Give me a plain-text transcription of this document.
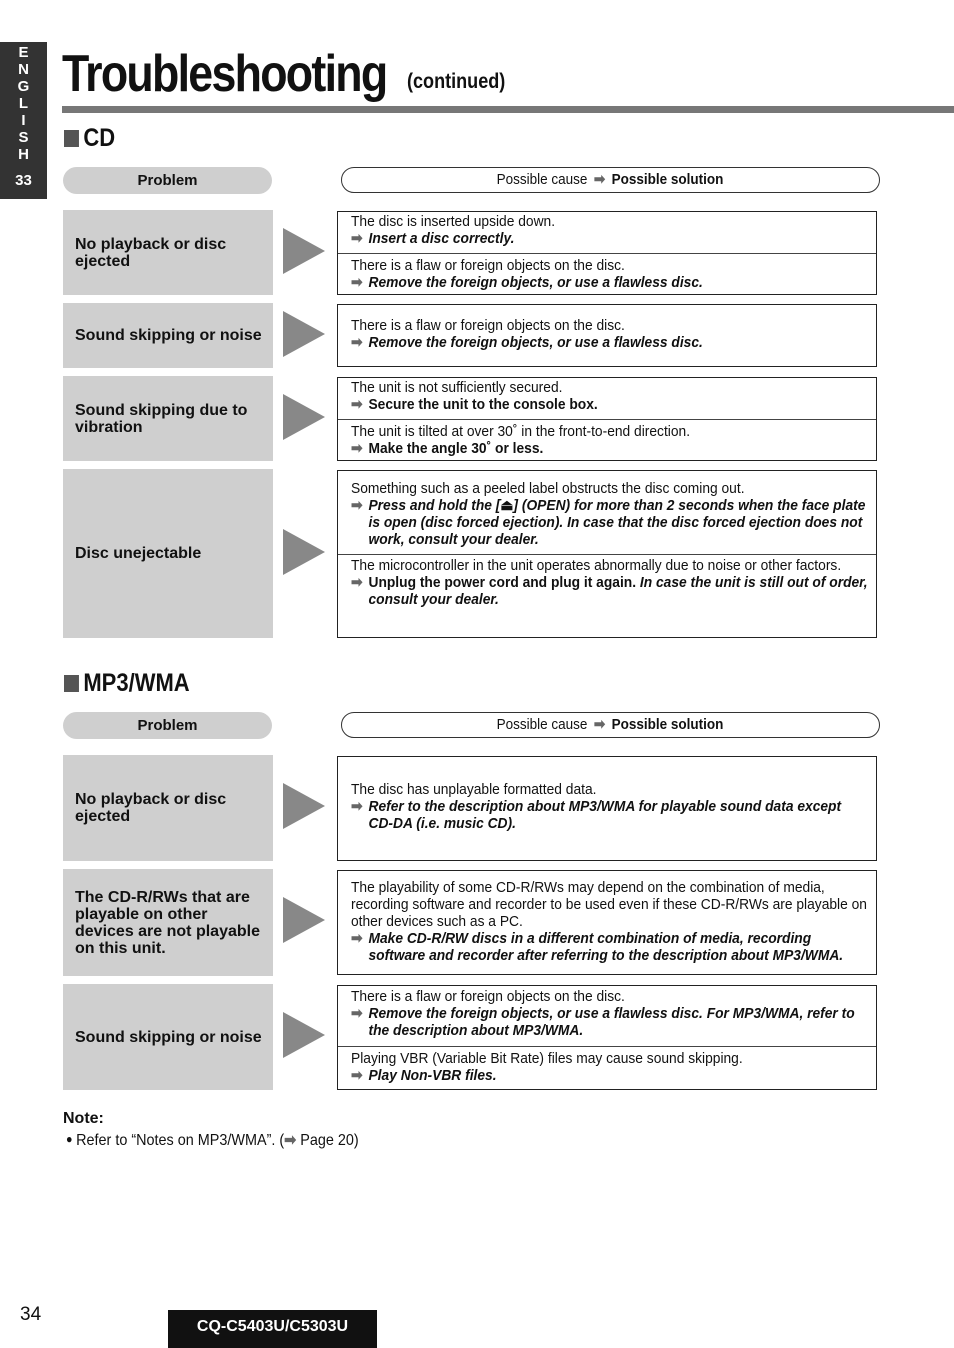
E
N
G
L
I
S
H
33
Troubleshooting (continued)
CD
Problem	Possible cause ➡ Possible solution
No playback or disc ejected
The disc is inserted upside down.
➡ Insert a disc correctly.
There is a flaw or foreign objects on the disc.
➡ Remove the foreign objects, or use a flawless disc.
Sound skipping or noise
There is a flaw or foreign objects on the disc.
➡ Remove the foreign objects, or use a flawless disc.
Sound skipping due to vibration
The unit is not sufficiently secured.
➡ Secure the unit to the console box.
The unit is tilted at over 30˚ in the front-to-end direction.
➡ Make the angle 30˚ or less.
Disc unejectable
Something such as a peeled label obstructs the disc coming out.
➡ Press and hold the [⏏] (OPEN) for more than 2 seconds when the face plate is open (disc forced ejection). In case that the disc forced ejection does not work, consult your dealer.
The microcontroller in the unit operates abnormally due to noise or other factors.
➡ Unplug the power cord and plug it again. In case the unit is still out of order, consult your dealer.
MP3/WMA
Problem	Possible cause ➡ Possible solution
No playback or disc ejected
The disc has unplayable formatted data.
➡ Refer to the description about MP3/WMA for playable sound data except CD-DA (i.e. music CD).
The CD-R/RWs that are playable on other devices are not playable on this unit.
The playability of some CD-R/RWs may depend on the combination of media, recording software and recorder to be used even if these CD-R/RWs are playable on other devices such as a PC.
➡ Make CD-R/RW discs in a different combination of media, recording software and recorder after referring to the description about MP3/WMA.
Sound skipping or noise
There is a flaw or foreign objects on the disc.
➡ Remove the foreign objects, or use a flawless disc. For MP3/WMA, refer to the description about MP3/WMA.
Playing VBR (Variable Bit Rate) files may cause sound skipping.
➡ Play Non-VBR files.
Note:
● Refer to “Notes on MP3/WMA”. (➡ Page 20)
34
CQ-C5403U/C5303U
